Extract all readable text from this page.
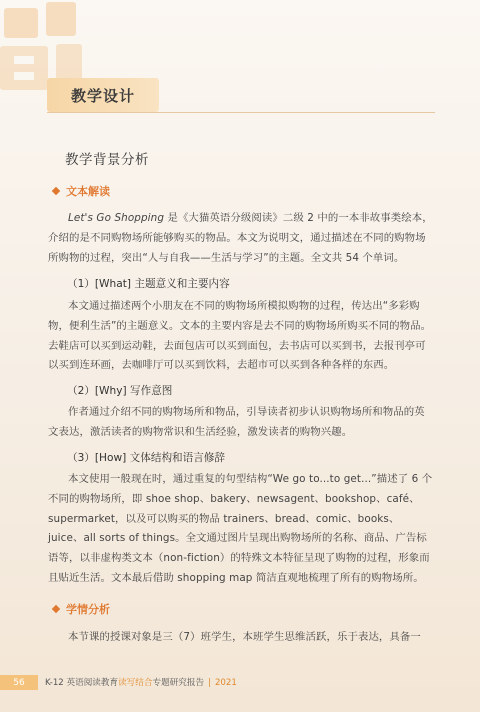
教学设计
教学背景分析
文本解读
Let's Go Shopping 是《大猫英语分级阅读》二级 2 中的一本非故事类绘本，介绍的是不同购物场所能够购买的物品。本文为说明文，通过描述在不同的购物场所购物的过程，突出“人与自我——生活与学习”的主题。全文共 54 个单词。
（1）[What] 主题意义和主要内容
本文通过描述两个小朋友在不同的购物场所模拟购物的过程，传达出“多彩购物，便利生活”的主题意义。文本的主要内容是去不同的购物场所购买不同的物品。去鞋店可以买到运动鞋，去面包店可以买到面包，去书店可以买到书，去报刊亭可以买到连环画，去咖啡厅可以买到饮料，去超市可以买到各种各样的东西。
（2）[Why] 写作意图
作者通过介绍不同的购物场所和物品，引导读者初步认识购物场所和物品的英文表达，激活读者的购物常识和生活经验，激发读者的购物兴趣。
（3）[How] 文体结构和语言修辞
本文使用一般现在时，通过重复的句型结构“We go to...to get...”描述了 6 个不同的购物场所，即 shoe shop、bakery、newsagent、bookshop、café、supermarket，以及可以购买的物品 trainers、bread、comic、books、juice、all sorts of things。全文通过图片呈现出购物场所的名称、商品、广告标语等，以非虚构类文本（non-fiction）的特殊文本特征呈现了购物的过程，形象而且贴近生活。文本最后借助 shopping map 简洁直观地梳理了所有的购物场所。
学情分析
本节课的授课对象是三（7）班学生，本班学生思维活跃，乐于表达，具备一
56	K-12 英语阅读教育读写结合专题研究报告 | 2021
